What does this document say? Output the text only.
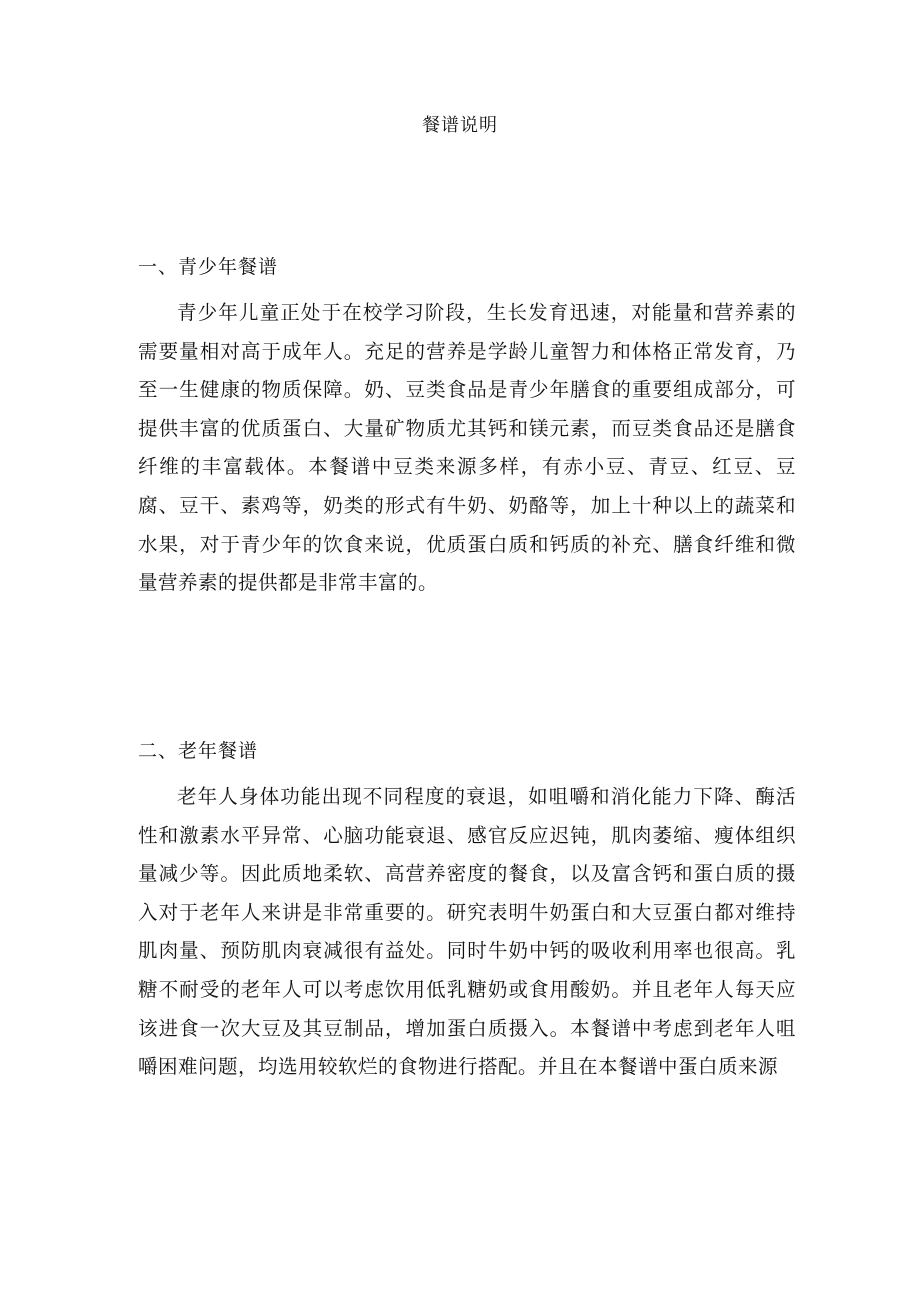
餐谱说明
一、青少年餐谱

青少年儿童正处于在校学习阶段，生长发育迅速，对能量和营养素的需要量相对高于成年人。充足的营养是学龄儿童智力和体格正常发育，乃至一生健康的物质保障。奶、豆类食品是青少年膳食的重要组成部分，可提供丰富的优质蛋白、大量矿物质尤其钙和镁元素，而豆类食品还是膳食纤维的丰富载体。本餐谱中豆类来源多样，有赤小豆、青豆、红豆、豆腐、豆干、素鸡等，奶类的形式有牛奶、奶酪等，加上十种以上的蔬菜和水果，对于青少年的饮食来说，优质蛋白质和钙质的补充、膳食纤维和微量营养素的提供都是非常丰富的。

二、老年餐谱

老年人身体功能出现不同程度的衰退，如咀嚼和消化能力下降、酶活性和激素水平异常、心脑功能衰退、感官反应迟钝，肌肉萎缩、瘦体组织量减少等。因此质地柔软、高营养密度的餐食，以及富含钙和蛋白质的摄入对于老年人来讲是非常重要的。研究表明牛奶蛋白和大豆蛋白都对维持肌肉量、预防肌肉衰减很有益处。同时牛奶中钙的吸收利用率也很高。乳糖不耐受的老年人可以考虑饮用低乳糖奶或食用酸奶。并且老年人每天应该进食一次大豆及其豆制品，增加蛋白质摄入。本餐谱中考虑到老年人咀嚼困难问题，均选用较软烂的食物进行搭配。并且在本餐谱中蛋白质来源
